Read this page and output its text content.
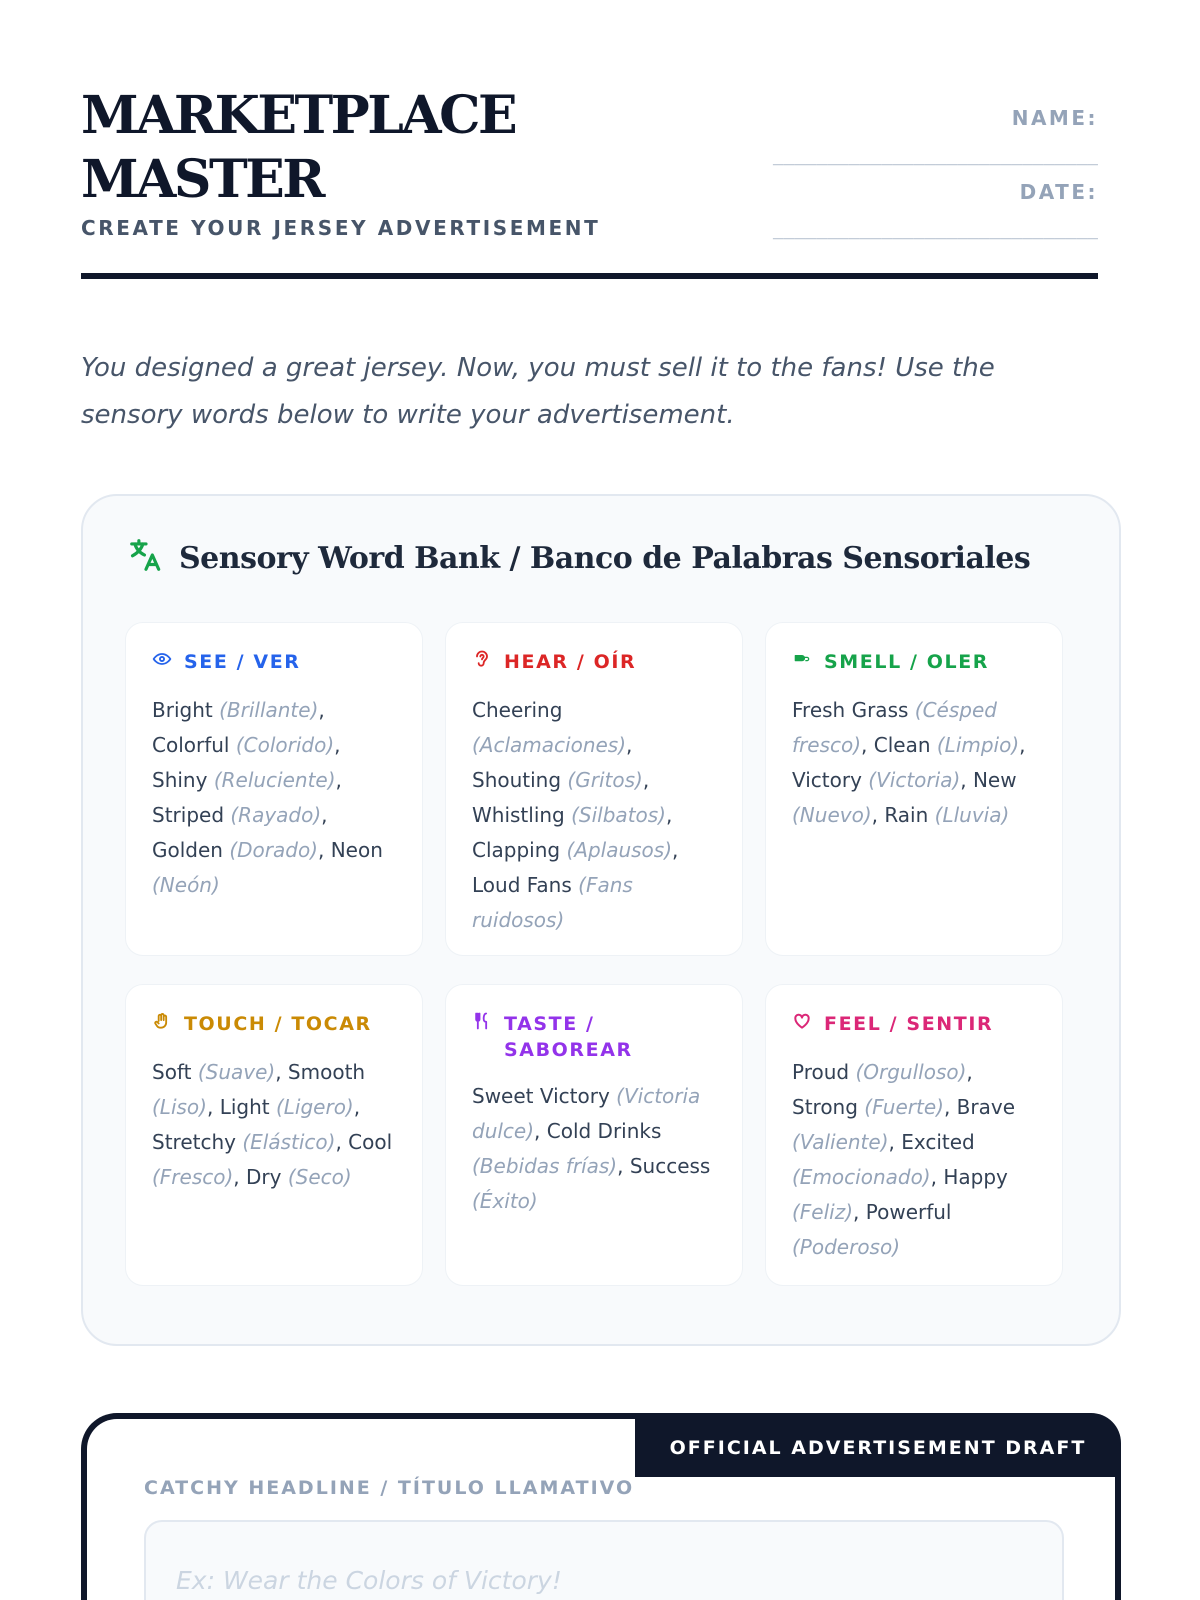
MARKETPLACE MASTER
CREATE YOUR JERSEY ADVERTISEMENT
NAME:
______________________________
DATE:
______________________________

You designed a great jersey. Now, you must sell it to the fans! Use the sensory words below to write your advertisement.

Sensory Word Bank / Banco de Palabras Sensoriales
SEE / VER
Bright (Brillante), Colorful (Colorido), Shiny (Reluciente), Striped (Rayado), Golden (Dorado), Neon (Neón)
HEAR / OÍR
Cheering (Aclamaciones), Shouting (Gritos), Whistling (Silbatos), Clapping (Aplausos), Loud Fans (Fans ruidosos)
SMELL / OLER
Fresh Grass (Césped fresco), Clean (Limpio), Victory (Victoria), New (Nuevo), Rain (Lluvia)
TOUCH / TOCAR
Soft (Suave), Smooth (Liso), Light (Ligero), Stretchy (Elástico), Cool (Fresco), Dry (Seco)
TASTE / SABOREAR
Sweet Victory (Victoria dulce), Cold Drinks (Bebidas frías), Success (Éxito)
FEEL / SENTIR
Proud (Orgulloso), Strong (Fuerte), Brave (Valiente), Excited (Emocionado), Happy (Feliz), Powerful (Poderoso)
OFFICIAL ADVERTISEMENT DRAFT
CATCHY HEADLINE / TÍTULO LLAMATIVO
Ex: Wear the Colors of Victory!
